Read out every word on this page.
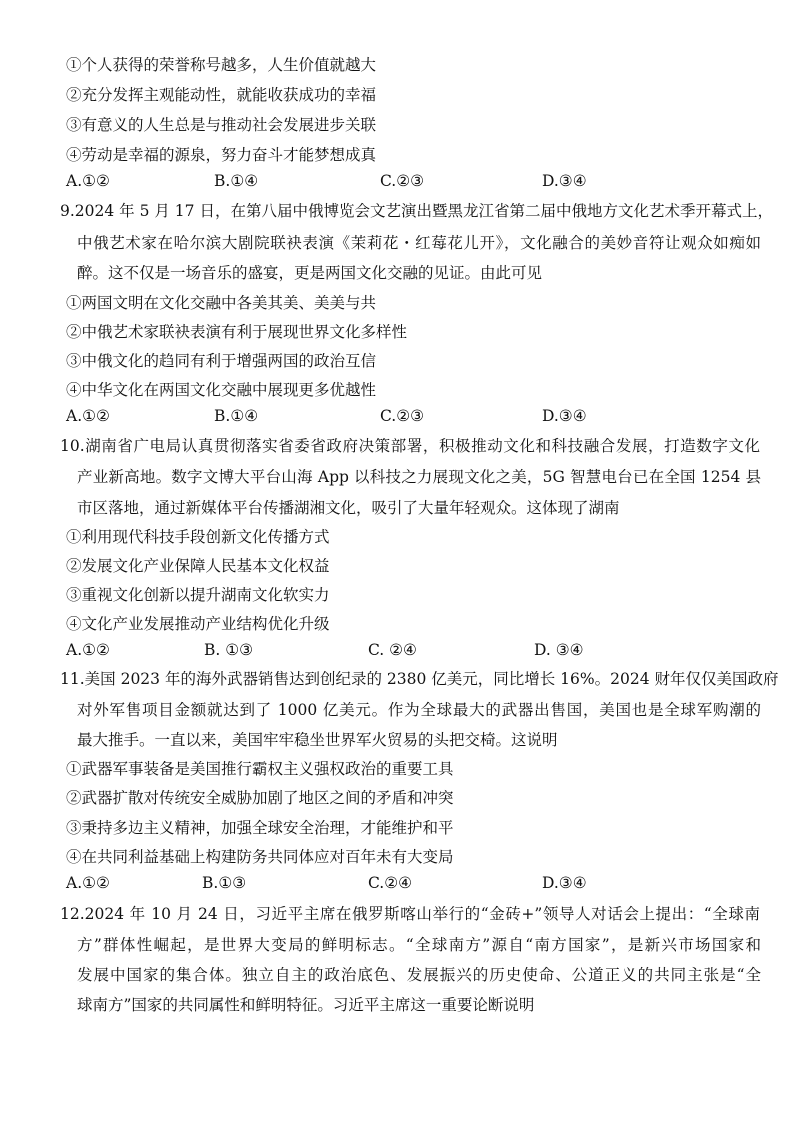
①个人获得的荣誉称号越多，人生价值就越大
②充分发挥主观能动性，就能收获成功的幸福
③有意义的人生总是与推动社会发展进步关联
④劳动是幸福的源泉，努力奋斗才能梦想成真
A.①②	B.①④	C.②③	D.③④
9.2024 年 5 月 17 日，在第八届中俄博览会文艺演出暨黑龙江省第二届中俄地方文化艺术季开幕式上，
中俄艺术家在哈尔滨大剧院联袂表演《茉莉花・红莓花儿开》，文化融合的美妙音符让观众如痴如
醉。这不仅是一场音乐的盛宴，更是两国文化交融的见证。由此可见
①两国文明在文化交融中各美其美、美美与共
②中俄艺术家联袂表演有利于展现世界文化多样性
③中俄文化的趋同有利于增强两国的政治互信
④中华文化在两国文化交融中展现更多优越性
A.①②	B.①④	C.②③	D.③④
10.湖南省广电局认真贯彻落实省委省政府决策部署，积极推动文化和科技融合发展，打造数字文化
产业新高地。数字文博大平台山海 App 以科技之力展现文化之美，5G 智慧电台已在全国 1254 县
市区落地，通过新媒体平台传播湖湘文化，吸引了大量年轻观众。这体现了湖南
①利用现代科技手段创新文化传播方式
②发展文化产业保障人民基本文化权益
③重视文化创新以提升湖南文化软实力
④文化产业发展推动产业结构优化升级
A.①②	B. ①③	C. ②④	D. ③④
11.美国 2023 年的海外武器销售达到创纪录的 2380 亿美元，同比增长 16%。2024 财年仅仅美国政府
对外军售项目金额就达到了 1000 亿美元。作为全球最大的武器出售国，美国也是全球军购潮的
最大推手。一直以来，美国牢牢稳坐世界军火贸易的头把交椅。这说明
①武器军事装备是美国推行霸权主义强权政治的重要工具
②武器扩散对传统安全威胁加剧了地区之间的矛盾和冲突
③秉持多边主义精神，加强全球安全治理，才能维护和平
④在共同利益基础上构建防务共同体应对百年未有大变局
A.①②	B.①③	C.②④	D.③④
12.2024 年 10 月 24 日，习近平主席在俄罗斯喀山举行的“金砖+”领导人对话会上提出：“全球南
方”群体性崛起，是世界大变局的鲜明标志。“全球南方”源自“南方国家”，是新兴市场国家和
发展中国家的集合体。独立自主的政治底色、发展振兴的历史使命、公道正义的共同主张是“全
球南方”国家的共同属性和鲜明特征。习近平主席这一重要论断说明
